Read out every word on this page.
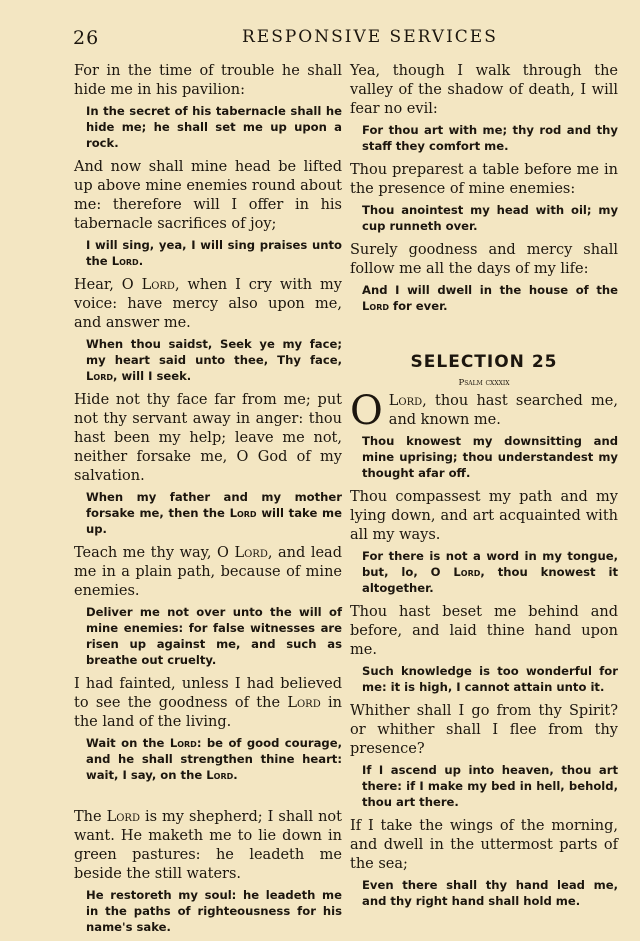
26	RESPONSIVE SERVICES

For in the time of trouble he shall hide me in his pavilion:

In the secret of his tabernacle shall he hide me; he shall set me up upon a rock.

And now shall mine head be lifted up above mine enemies round about me: therefore will I offer in his tabernacle sacrifices of joy;

I will sing, yea, I will sing praises unto the Lord.

Hear, O Lord, when I cry with my voice: have mercy also upon me, and answer me.

When thou saidst, Seek ye my face; my heart said unto thee, Thy face, Lord, will I seek.

Hide not thy face far from me; put not thy servant away in anger: thou hast been my help; leave me not, neither forsake me, O God of my salvation.

When my father and my mother forsake me, then the Lord will take me up.

Teach me thy way, O Lord, and lead me in a plain path, because of mine enemies.

Deliver me not over unto the will of mine enemies: for false witnesses are risen up against me, and such as breathe out cruelty.

I had fainted, unless I had believed to see the goodness of the Lord in the land of the living.

Wait on the Lord: be of good courage, and he shall strengthen thine heart: wait, I say, on the Lord.

The Lord is my shepherd; I shall not want. He maketh me to lie down in green pastures: he leadeth me beside the still waters.

He restoreth my soul: he leadeth me in the paths of righteousness for his name's sake.

Yea, though I walk through the valley of the shadow of death, I will fear no evil:

For thou art with me; thy rod and thy staff they comfort me.

Thou preparest a table before me in the presence of mine enemies:

Thou anointest my head with oil; my cup runneth over.

Surely goodness and mercy shall follow me all the days of my life:

And I will dwell in the house of the Lord for ever.

SELECTION 25
Psalm cxxxix

O Lord, thou hast searched me, and known me.

Thou knowest my downsitting and mine uprising; thou understandest my thought afar off.

Thou compassest my path and my lying down, and art acquainted with all my ways.

For there is not a word in my tongue, but, lo, O Lord, thou knowest it altogether.

Thou hast beset me behind and before, and laid thine hand upon me.

Such knowledge is too wonderful for me: it is high, I cannot attain unto it.

Whither shall I go from thy Spirit? or whither shall I flee from thy presence?

If I ascend up into heaven, thou art there: if I make my bed in hell, behold, thou art there.

If I take the wings of the morning, and dwell in the uttermost parts of the sea;

Even there shall thy hand lead me, and thy right hand shall hold me.
